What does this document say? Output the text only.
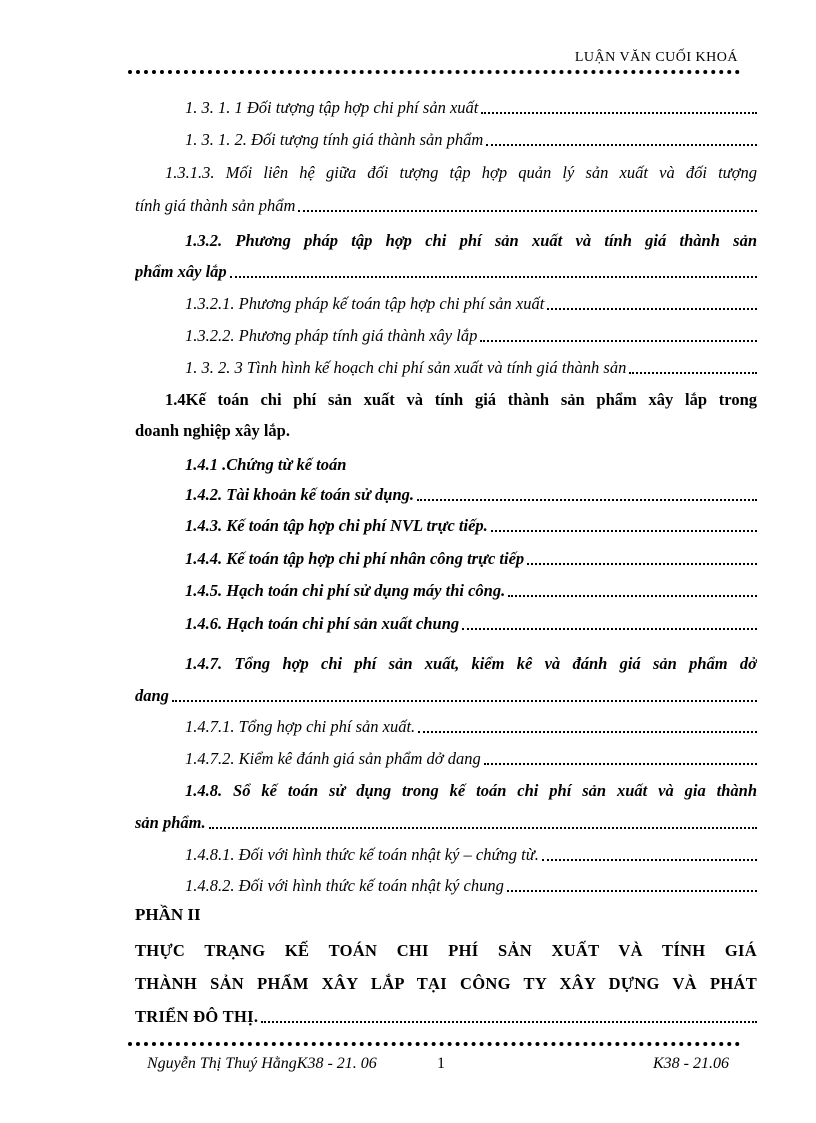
LUẬN VĂN CUỐI KHOÁ
1. 3. 1. 1 Đối tượng tập hợp chi phí sản xuất
1. 3. 1. 2. Đối tượng tính giá thành sản phẩm
1.3.1.3. Mối liên hệ giữa đối tượng tập hợp quản lý sản xuất và đối tượng
tính giá thành sản phẩm
1.3.2. Phương pháp tập hợp chi phí sản xuất và tính giá thành sản
phẩm xây lắp
1.3.2.1. Phương pháp kế toán tập hợp chi phí sản xuất
1.3.2.2. Phương pháp tính giá thành xây lắp
1. 3. 2. 3 Tình hình kế hoạch chi phí sản xuất và tính giá thành sản
1.4Kế toán chi phí sản xuất và tính giá thành sản phẩm xây lắp trong
doanh nghiệp xây lắp.
1.4.1 .Chứng từ kế toán
1.4.2. Tài khoản kế toán sử dụng.
1.4.3. Kế toán tập hợp chi phí NVL trực tiếp.
1.4.4. Kế toán tập hợp chi phí nhân công trực tiếp
1.4.5. Hạch toán chi phí sử dụng máy thi công.
1.4.6. Hạch toán chi phí sản xuất chung
1.4.7. Tổng hợp chi phí sản xuất, kiểm kê và đánh giá sản phẩm dở
dang
1.4.7.1. Tổng hợp chi phí sản xuất.
1.4.7.2. Kiểm kê đánh giá sản phẩm dở dang
1.4.8. Sổ kế toán sử dụng trong kế toán chi phí sản xuất và gia thành
sản phẩm.
1.4.8.1. Đối với hình thức kế toán nhật ký – chứng từ.
1.4.8.2. Đối với hình thức kế toán nhật ký chung
PHẦN II
THỰC TRẠNG KẾ TOÁN CHI PHÍ SẢN XUẤT VÀ TÍNH GIÁ
THÀNH SẢN PHẨM XÂY LẮP TẠI CÔNG TY XÂY DỰNG VÀ PHÁT
TRIỂN ĐÔ THỊ.
Nguyễn Thị Thuý HằngK38 - 21. 06	1	K38 - 21.06
